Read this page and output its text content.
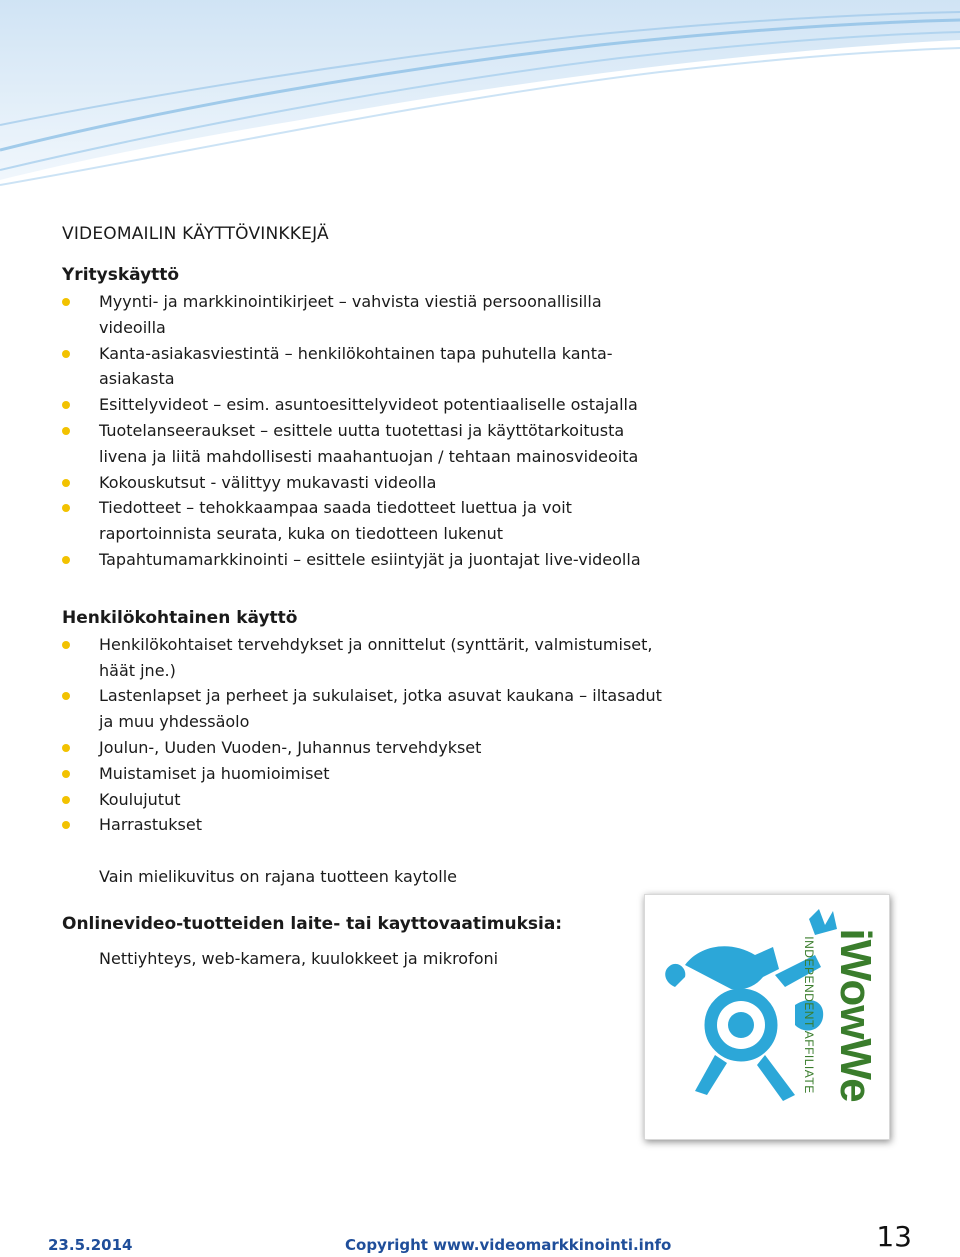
VIDEOMAILIN KÄYTTÖVINKKEJÄ
Yrityskäyttö
Myynti- ja markkinointikirjeet – vahvista viestiä persoonallisilla videoilla
Kanta-asiakasviestintä – henkilökohtainen tapa puhutella kanta-asiakasta
Esittelyvideot – esim. asuntoesittelyvideot potentiaaliselle ostajalla
Tuotelanseeraukset – esittele uutta tuotettasi ja käyttötarkoitusta livena ja liitä mahdollisesti maahantuojan / tehtaan mainosvideoita
Kokouskutsut - välittyy mukavasti videolla
Tiedotteet – tehokkaampaa saada tiedotteet luettua ja voit raportoinnista seurata, kuka on tiedotteen lukenut
Tapahtumamarkkinointi – esittele esiintyjät ja juontajat live-videolla
Henkilökohtainen käyttö
Henkilökohtaiset tervehdykset ja onnittelut (synttärit, valmistumiset, häät jne.)
Lastenlapset ja perheet ja sukulaiset, jotka asuvat kaukana – iltasadut ja muu yhdessäolo
Joulun-, Uuden Vuoden-, Juhannus tervehdykset
Muistamiset ja huomioimiset
Koulujutut
Harrastukset
Vain mielikuvitus on rajana tuotteen kaytolle
Onlinevideo-tuotteiden laite- tai kayttovaatimuksia:
Nettiyhteys, web-kamera, kuulokkeet ja mikrofoni	iWowWe
INDEPENDENT AFFILIATE
23.5.2014	Copyright www.videomarkkinointi.info	13
